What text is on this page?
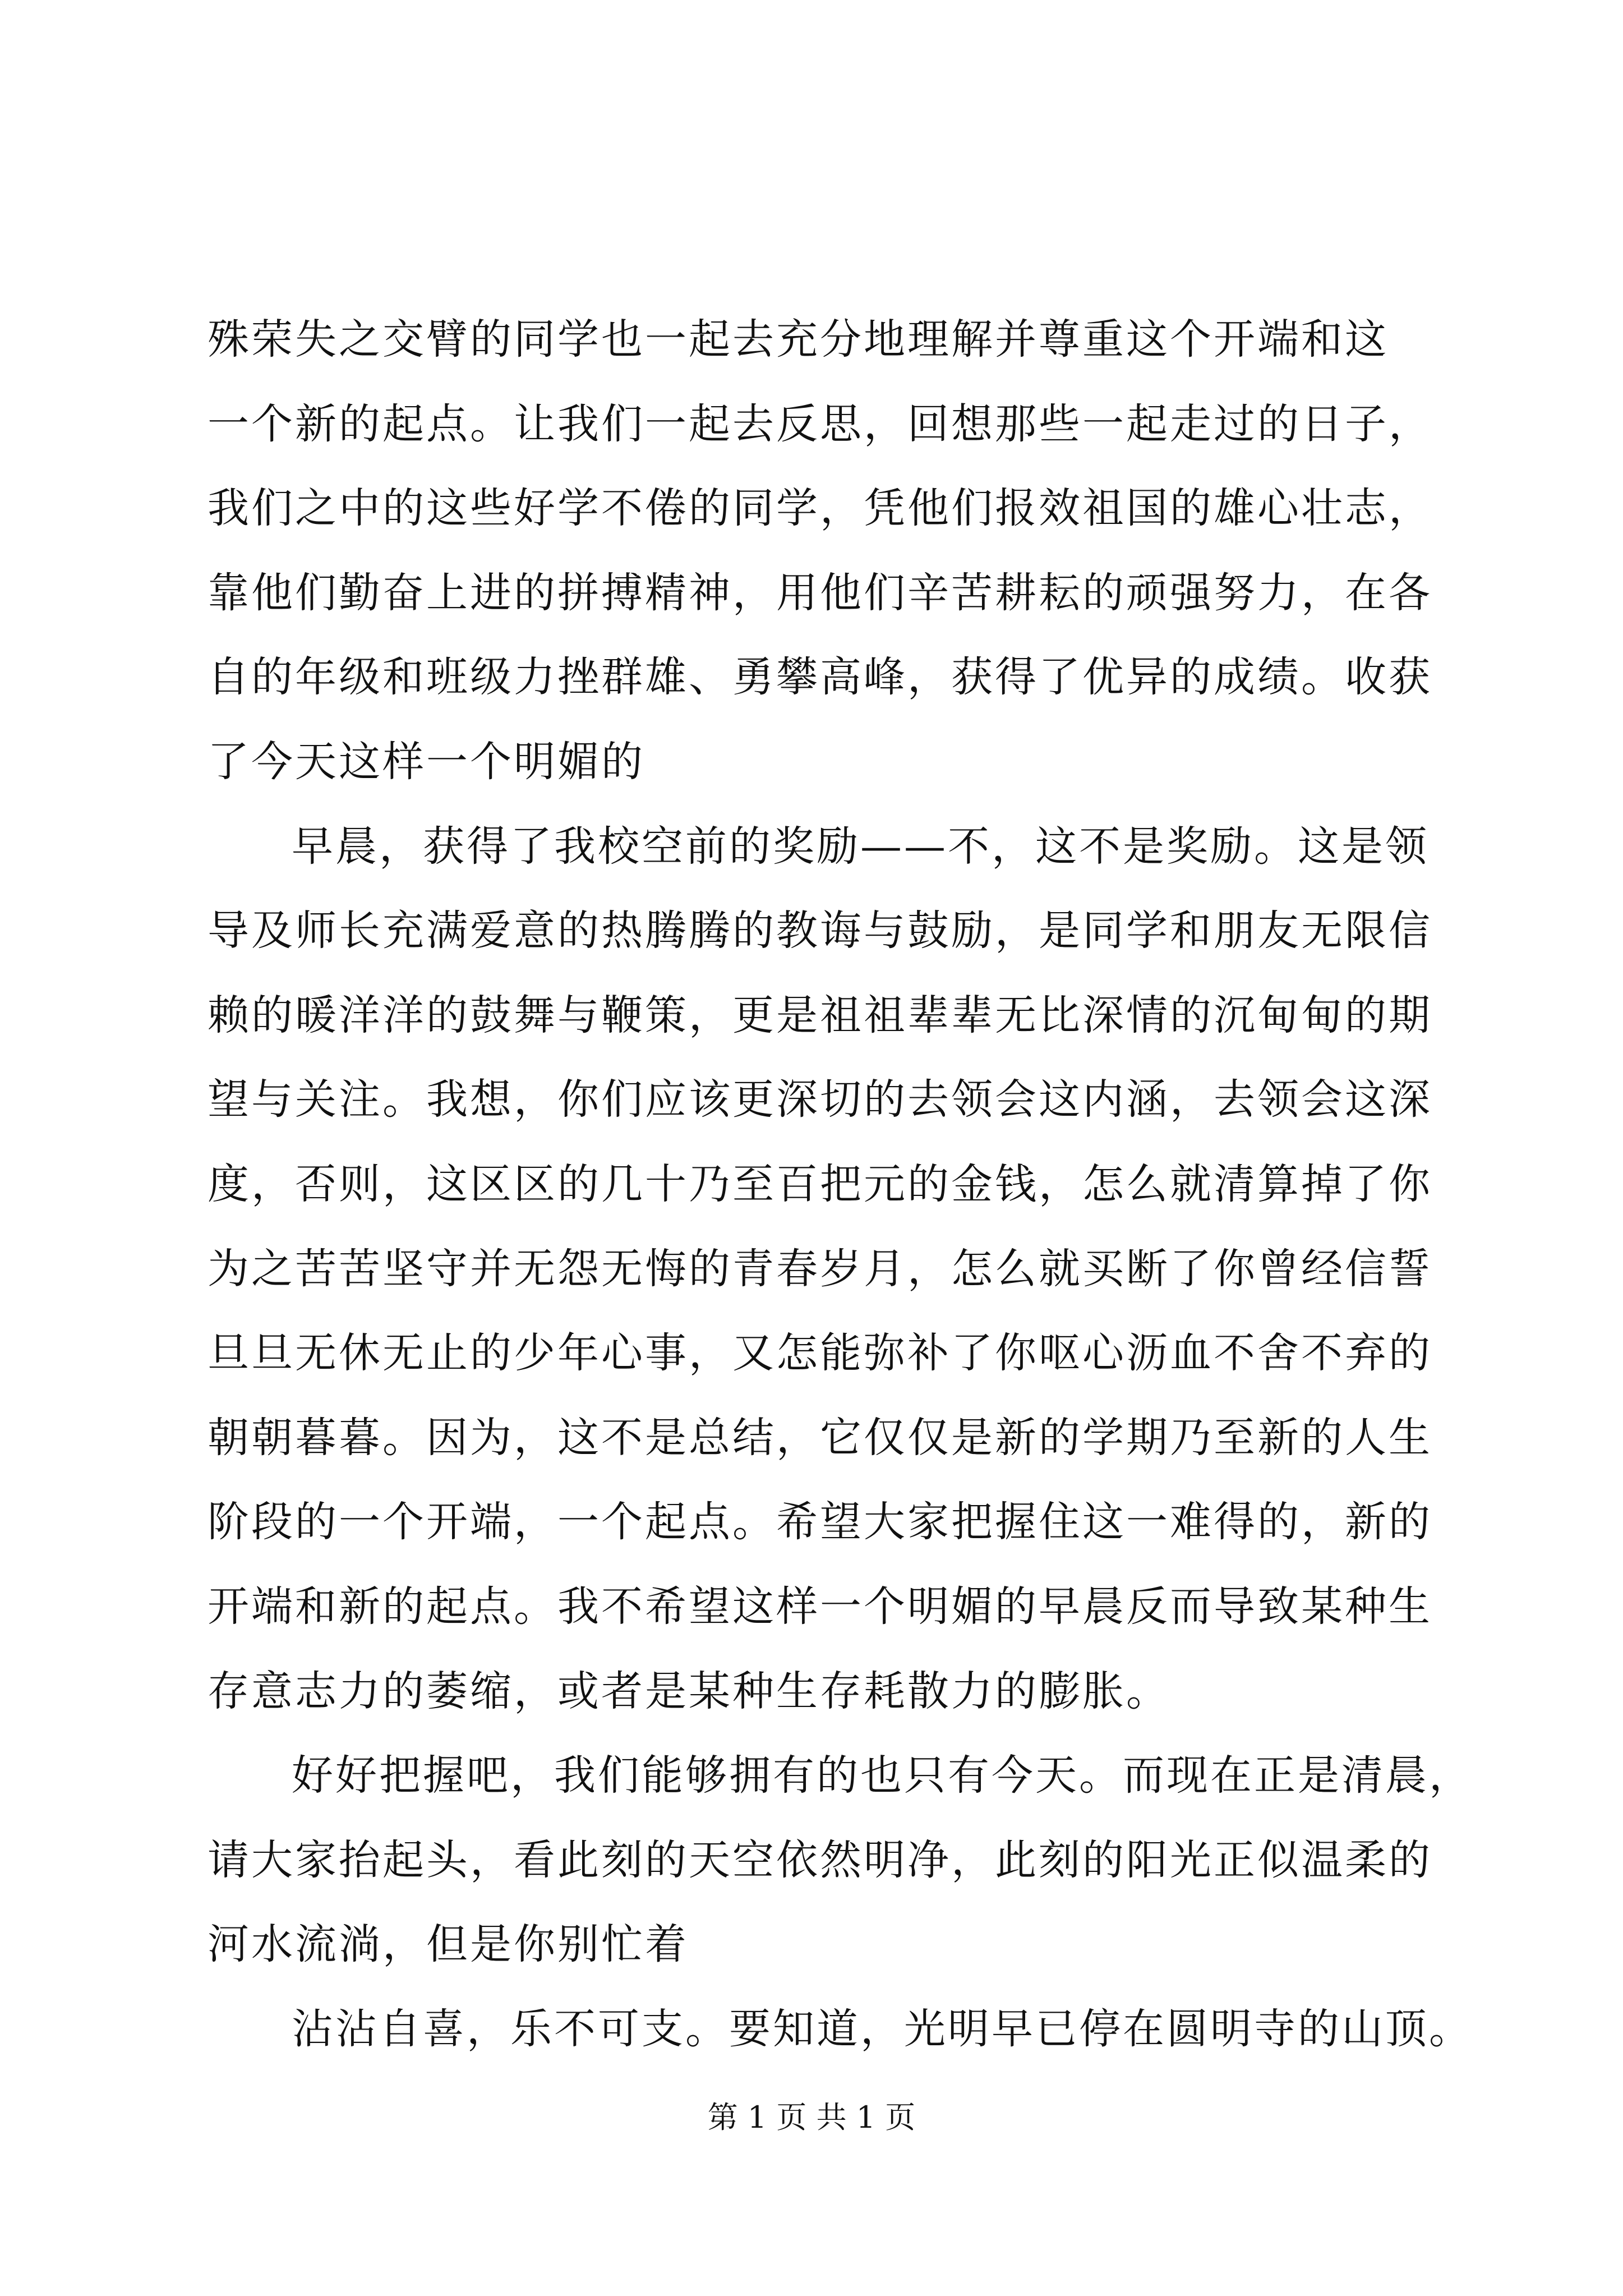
殊荣失之交臂的同学也一起去充分地理解并尊重这个开端和这
一个新的起点。让我们一起去反思，回想那些一起走过的日子，
我们之中的这些好学不倦的同学，凭他们报效祖国的雄心壮志，
靠他们勤奋上进的拼搏精神，用他们辛苦耕耘的顽强努力，在各
自的年级和班级力挫群雄、勇攀高峰，获得了优异的成绩。收获
了今天这样一个明媚的
早晨，获得了我校空前的奖励——不，这不是奖励。这是领
导及师长充满爱意的热腾腾的教诲与鼓励，是同学和朋友无限信
赖的暖洋洋的鼓舞与鞭策，更是祖祖辈辈无比深情的沉甸甸的期
望与关注。我想，你们应该更深切的去领会这内涵，去领会这深
度，否则，这区区的几十乃至百把元的金钱，怎么就清算掉了你
为之苦苦坚守并无怨无悔的青春岁月，怎么就买断了你曾经信誓
旦旦无休无止的少年心事，又怎能弥补了你呕心沥血不舍不弃的
朝朝暮暮。因为，这不是总结，它仅仅是新的学期乃至新的人生
阶段的一个开端，一个起点。希望大家把握住这一难得的，新的
开端和新的起点。我不希望这样一个明媚的早晨反而导致某种生
存意志力的萎缩，或者是某种生存耗散力的膨胀。
好好把握吧，我们能够拥有的也只有今天。而现在正是清晨，
请大家抬起头，看此刻的天空依然明净，此刻的阳光正似温柔的
河水流淌，但是你别忙着
沾沾自喜，乐不可支。要知道，光明早已停在圆明寺的山顶。
第 1 页 共 1 页
